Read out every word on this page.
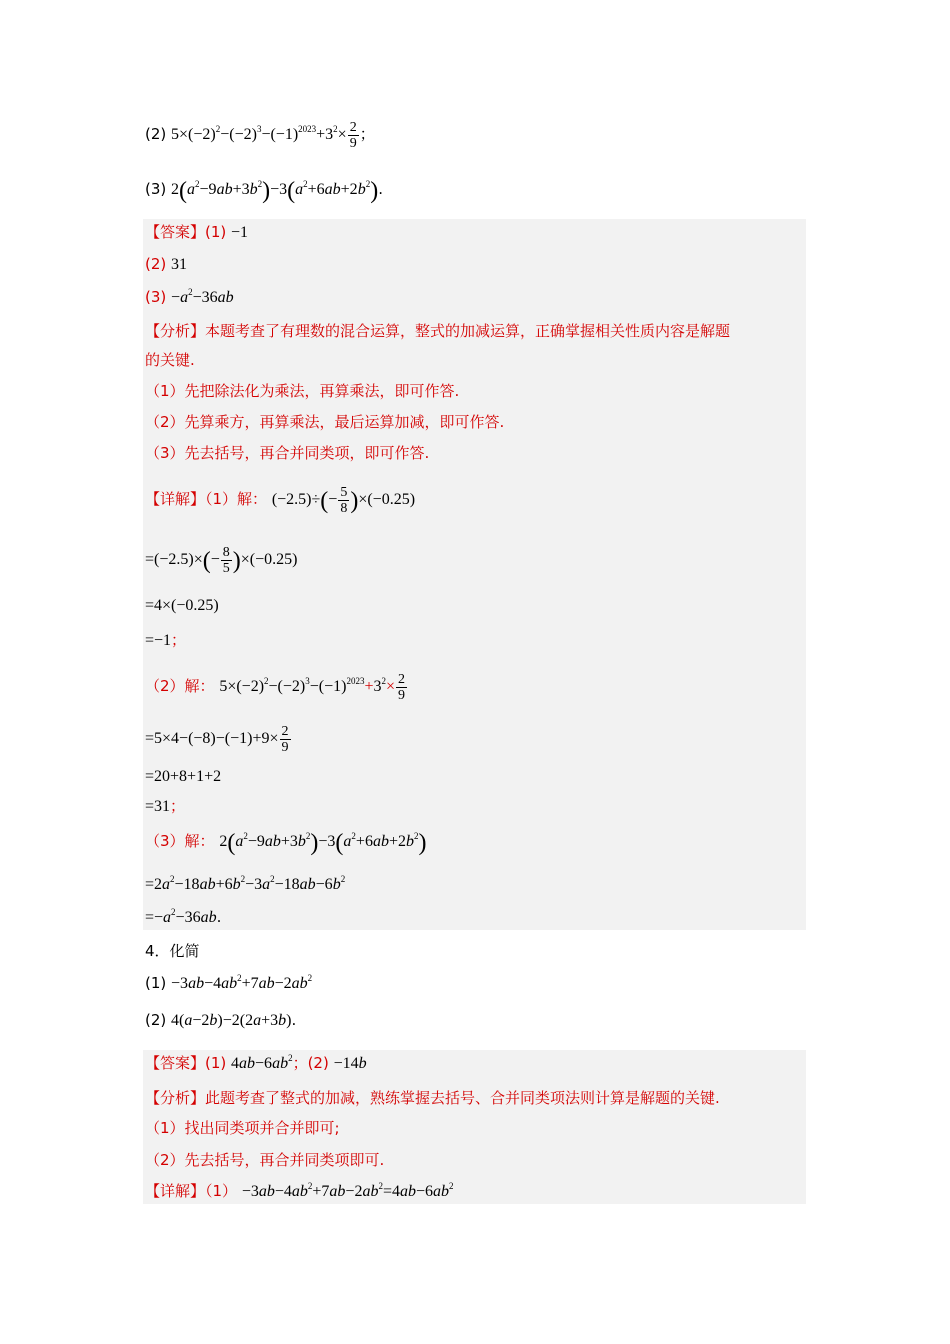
(2) $5\times(-2)^2-(-2)^3-(-1)^{2023}+3^2\times \frac{2}{9}$ ；
(3) $2(a^2-9ab+3b^2)-3(a^2+6ab+2b^2)$.
【答案】(1) −1
(2) 31
$(3) -a^2-36ab$
【分析】本题考查了有理数的混合运算，整式的加减运算，正确掌握相关性质内容是解题
的关键.
（1）先把除法化为乘法，再算乘法，即可作答.
（2）先算乘方，再算乘法，最后运算加减，即可作答.
（3）先去括号，再合并同类项，即可作答.
【详解】（1）解： $(-2.5)\div(- \frac{5}{8} )\times(-0.25)$
$=(-2.5)\times(- \frac{8}{5} )\times(-0.25)$
=4×(−0.25)
=−1；
（2）解： $5\times(-2)^2-(-2)^3-(-1)^{2023}+3^2\times \frac{2}{9}$
$=5\times 4-(-8)-(-1)+9\times \frac{2}{9}$
=20+8+1+2
=31；
（3）解： $2(a^2-9ab+3b^2)-3(a^2+6ab+2b^2)$
$=2a^2-18ab+6b^2-3a^2-18ab-6b^2$
$=-a^2-36ab$.
4．化简
$(1) -3ab-4ab^2+7ab-2ab^2$
(2) 4(a−2b)−2(2a+3b).
【答案】(1) $4ab-6ab^2$；(2) −14b
【分析】此题考查了整式的加减，熟练掌握去括号、合并同类项法则计算是解题的关键.
（1）找出同类项并合并即可;
（2）先去括号，再合并同类项即可.
【详解】$(1) -3ab-4ab^2+7ab-2ab^2=4ab-6ab^2$
